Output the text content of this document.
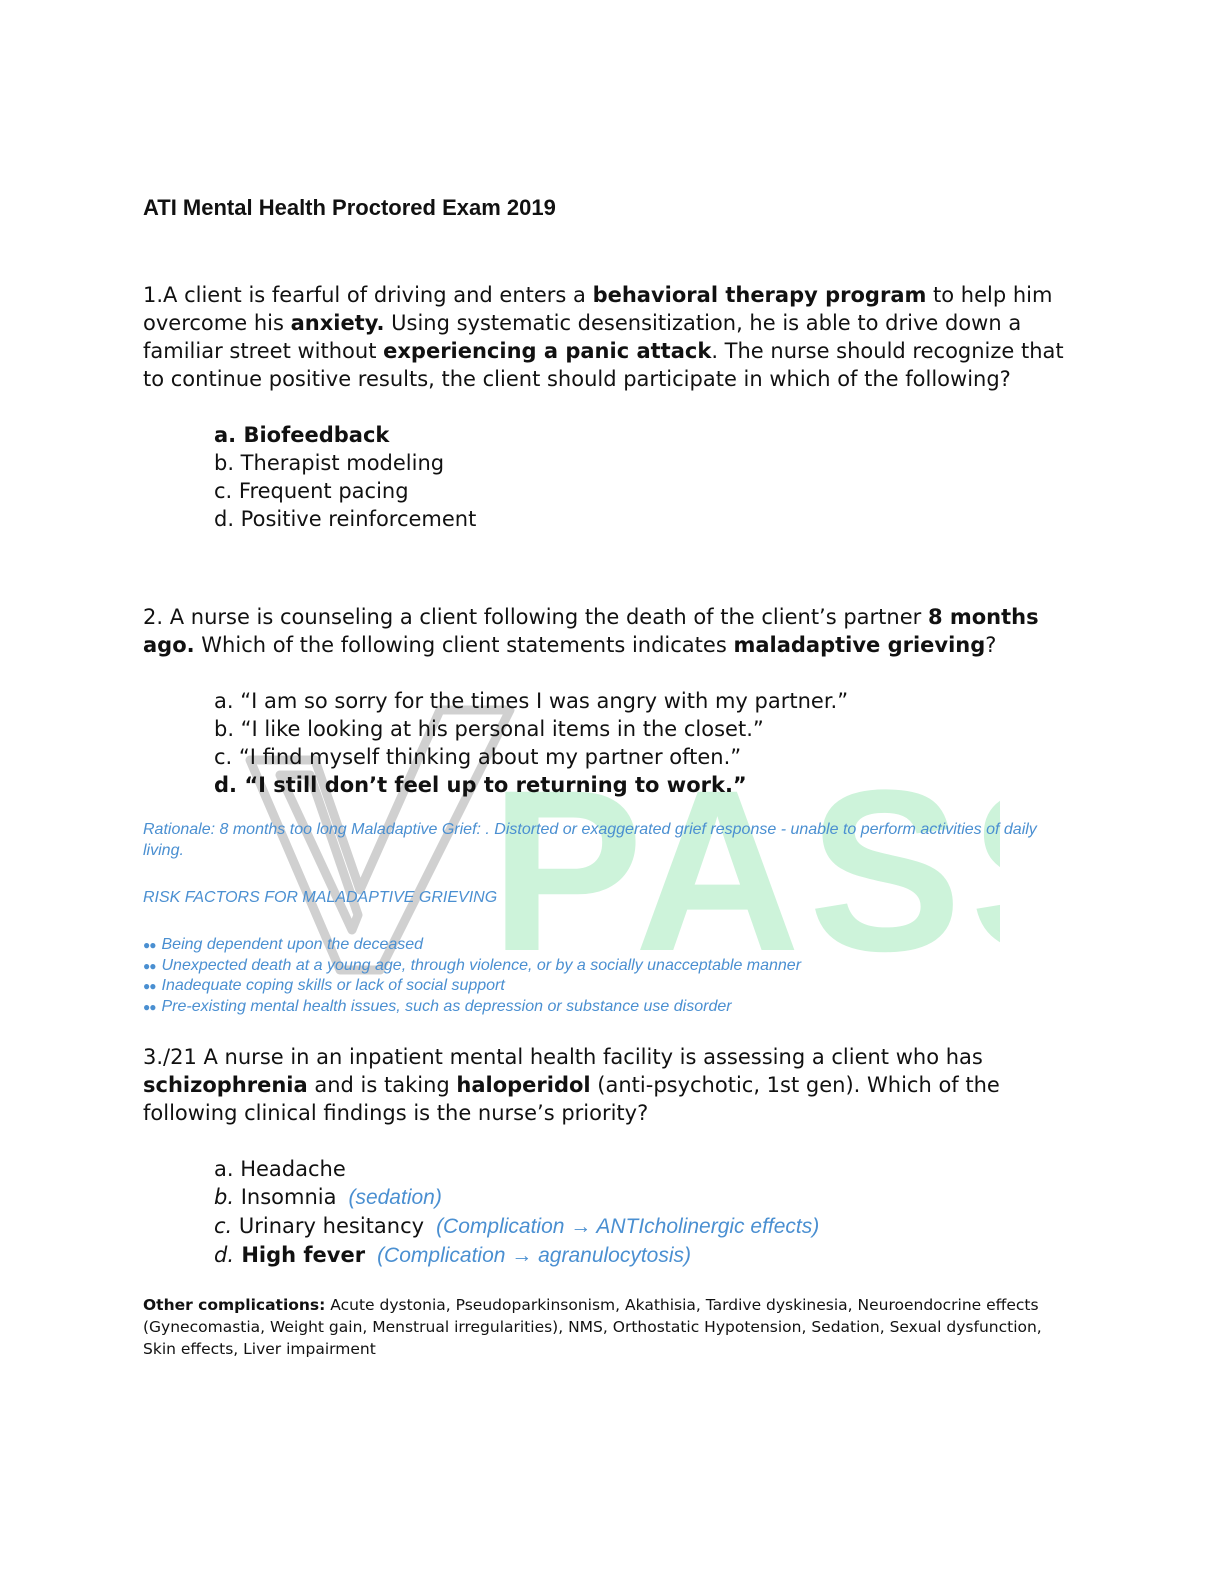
PAS
ATI Mental Health Proctored Exam 2019

1.A client is fearful of driving and enters a behavioral therapy program to help him overcome his anxiety. Using systematic desensitization, he is able to drive down a familiar street without experiencing a panic attack. The nurse should recognize that to continue positive results, the client should participate in which of the following?

a. Biofeedback
b. Therapist modeling
c. Frequent pacing
d. Positive reinforcement

2. A nurse is counseling a client following the death of the client’s partner 8 months ago. Which of the following client statements indicates maladaptive grieving?

a. “I am so sorry for the times I was angry with my partner.”
b. “I like looking at his personal items in the closet.”
c. “I find myself thinking about my partner often.”
d. “I still don’t feel up to returning to work.”

Rationale: 8 months too long Maladaptive Grief: . Distorted or exaggerated grief response - unable to perform activities of daily living.

RISK FACTORS FOR MALADAPTIVE GRIEVING

●● Being dependent upon the deceased
●● Unexpected death at a young age, through violence, or by a socially unacceptable manner
●● Inadequate coping skills or lack of social support
●● Pre-existing mental health issues, such as depression or substance use disorder

3./21 A nurse in an inpatient mental health facility is assessing a client who has schizophrenia and is taking haloperidol (anti-psychotic, 1st gen). Which of the following clinical findings is the nurse’s priority?

a. Headache
b. Insomnia (sedation)
c. Urinary hesitancy (Complication → ANTIcholinergic effects)
d. High fever (Complication → agranulocytosis)

Other complications: Acute dystonia, Pseudoparkinsonism, Akathisia, Tardive dyskinesia, Neuroendocrine effects (Gynecomastia, Weight gain, Menstrual irregularities), NMS, Orthostatic Hypotension, Sedation, Sexual dysfunction, Skin effects, Liver impairment
